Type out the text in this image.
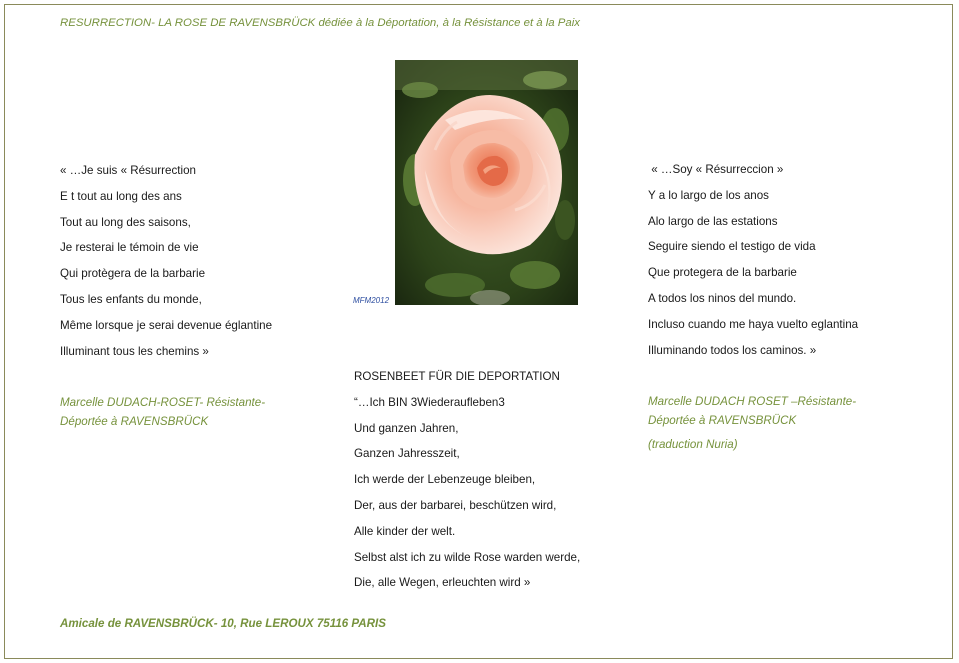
RESURRECTION- LA ROSE DE RAVENSBRÜCK dédiée à la Déportation, à la Résistance et à la Paix
« …Je suis « Résurrection
E t tout au long des ans
Tout au long des saisons,
Je resterai le témoin de vie
Qui protègera de la barbarie
Tous les enfants du monde,
Même lorsque je serai devenue églantine
Illuminant tous les chemins »
Marcelle DUDACH-ROSET- Résistante-
Déportée à RAVENSBRÜCK
MFM2012
« …Soy « Résurreccion »
Y a lo largo de los anos
Alo largo de las estations
Seguire siendo el testigo de vida
Que protegera de la barbarie
A todos los ninos del mundo.
Incluso cuando me haya vuelto eglantina
Illuminando todos los caminos. »
Marcelle DUDACH ROSET –Résistante-
Déportée à RAVENSBRÜCK
(traduction Nuria)
ROSENBEET FÜR DIE DEPORTATION
“…Ich BIN 3Wiederaufleben3
Und ganzen Jahren,
Ganzen Jahresszeit,
Ich werde der Lebenzeuge bleiben,
Der, aus der barbarei, beschützen wird,
Alle kinder der welt.
Selbst alst ich zu wilde Rose warden werde,
Die, alle Wegen, erleuchten wird »
Amicale de RAVENSBRÜCK- 10, Rue LEROUX 75116 PARIS
